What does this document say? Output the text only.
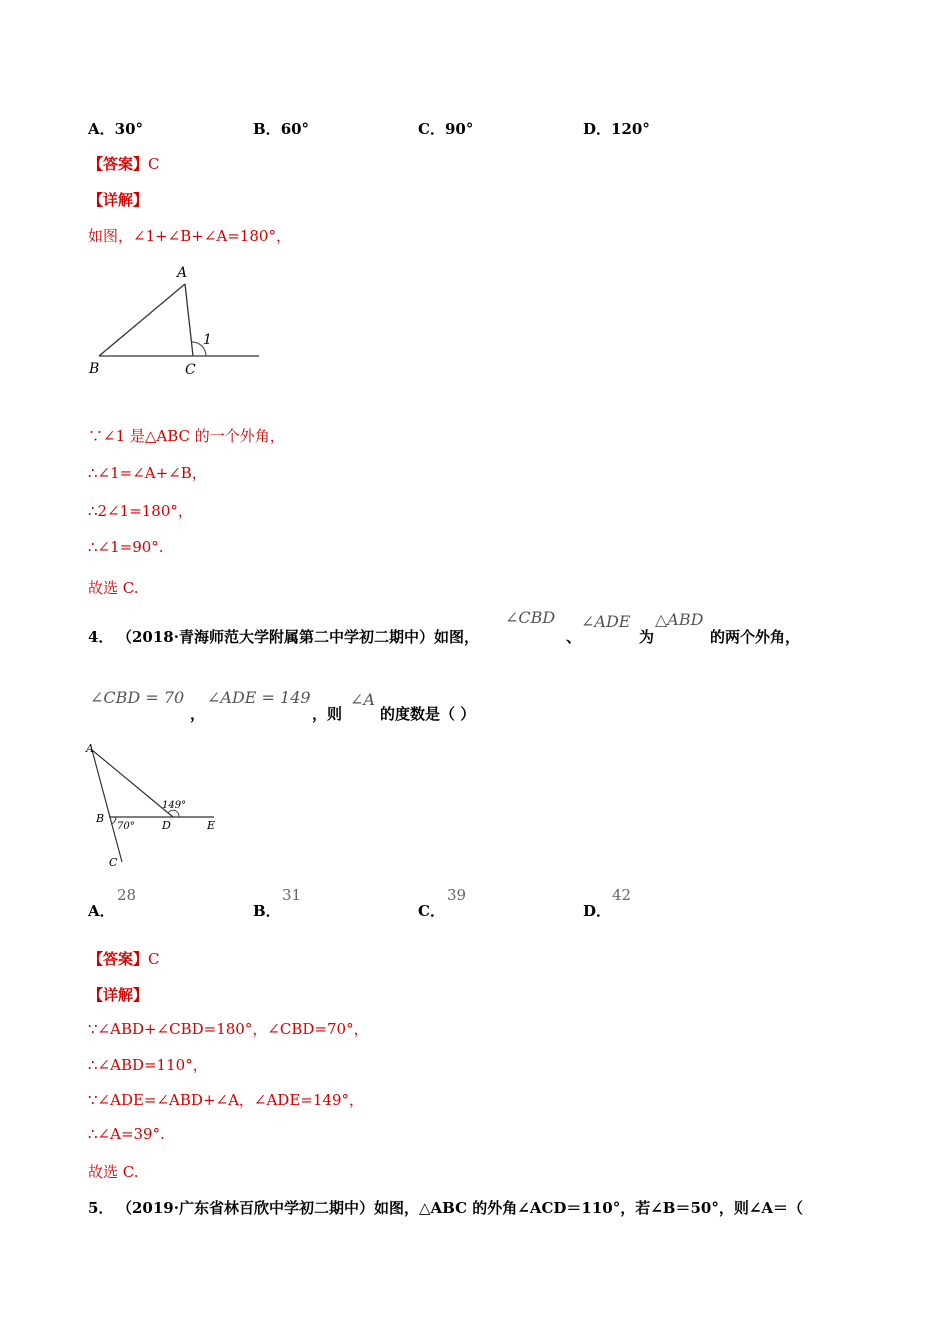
A．30°	B．60°	C．90°	D．120°
【答案】C
【详解】
如图，∠1+∠B+∠A=180°，
A
B	C
1
∵∠1 是△ABC 的一个外角，
∴∠1=∠A+∠B，
∴2∠1=180°，
∴∠1=90°.
故选 C.
4． （2018·青海师范大学附属第二中学初二期中）如图，
∠CBD
、
∠ADE
为
△ABD
的两个外角，
∠CBD = 70
，
∠ADE = 149
，则
∠A
的度数是（ ）
A
B
C
D	E
149°
70°
A．
28
B．
31
C．
39
D．
42
【答案】C
【详解】
∵∠ABD+∠CBD=180°，∠CBD=70°，
∴∠ABD=110°，
∵∠ADE=∠ABD+∠A，∠ADE=149°，
∴∠A=39°.
故选 C.
5． （2019·广东省林百欣中学初二期中）如图，△ABC 的外角∠ACD＝110°，若∠B＝50°，则∠A＝（
